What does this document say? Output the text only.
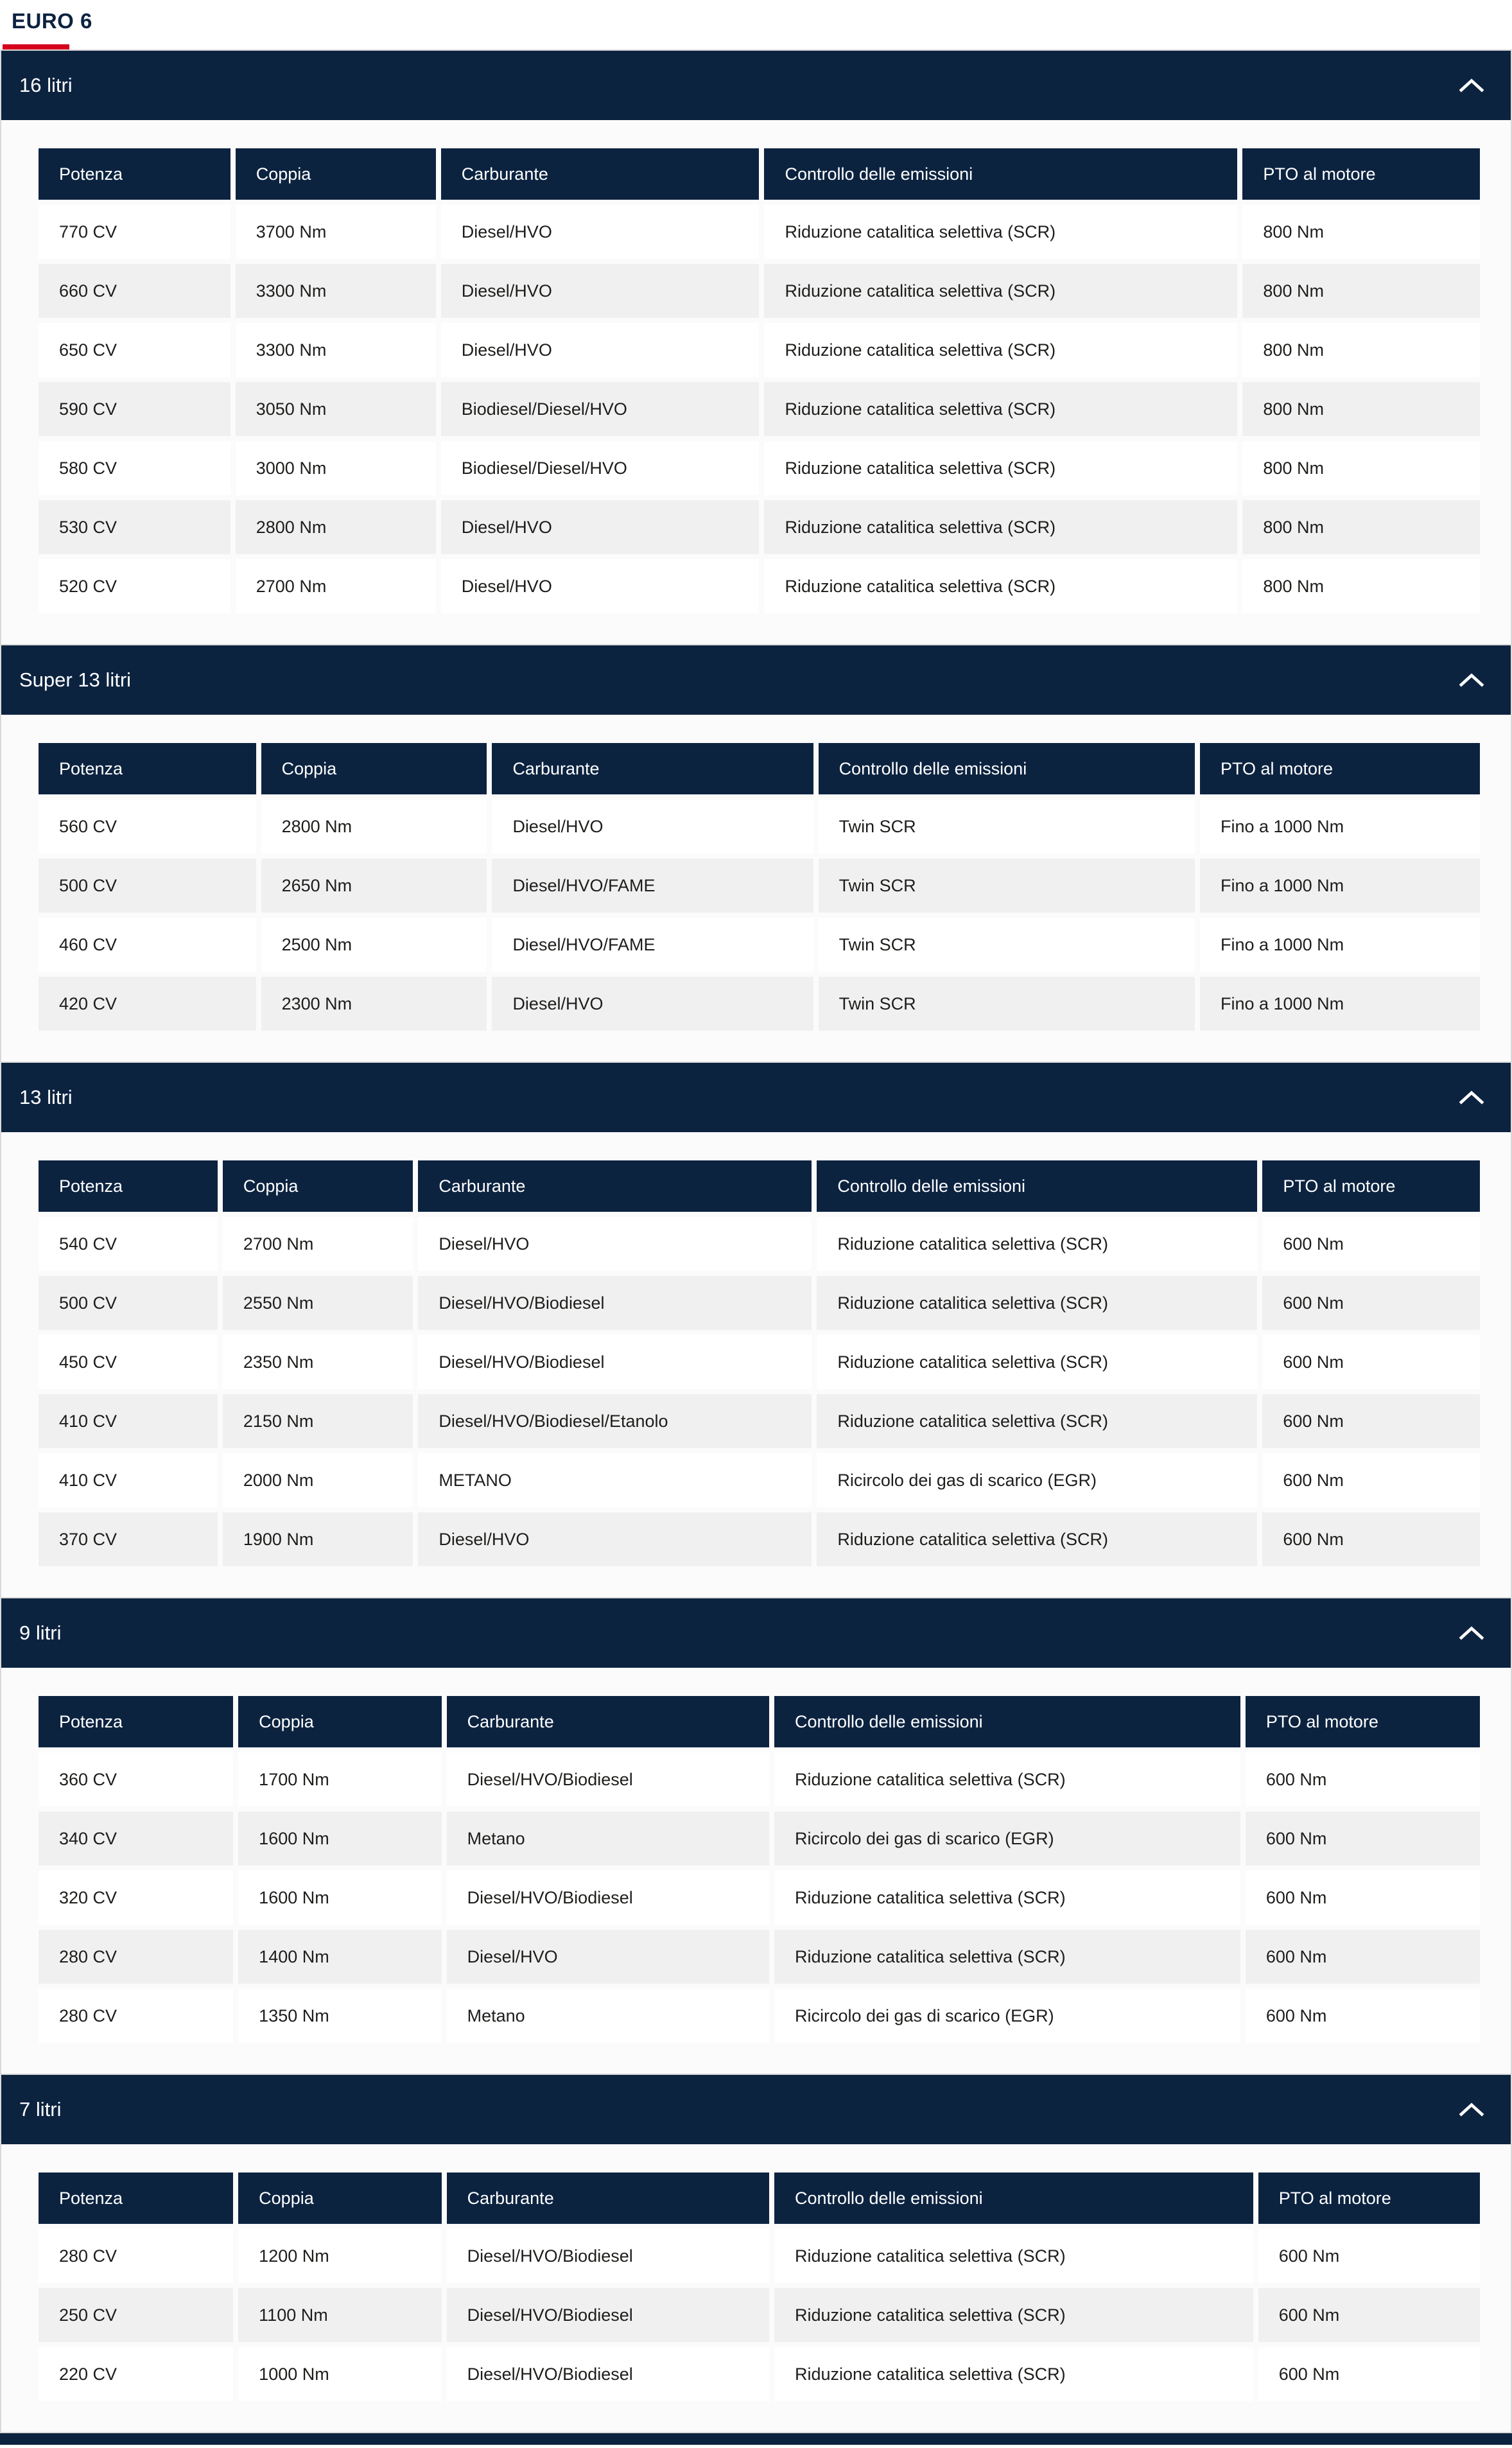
EURO 6
16 litri
Potenza	Coppia	Carburante	Controllo delle emissioni	PTO al motore
770 CV	3700 Nm	Diesel/HVO	Riduzione catalitica selettiva (SCR)	800 Nm
660 CV	3300 Nm	Diesel/HVO	Riduzione catalitica selettiva (SCR)	800 Nm
650 CV	3300 Nm	Diesel/HVO	Riduzione catalitica selettiva (SCR)	800 Nm
590 CV	3050 Nm	Biodiesel/Diesel/HVO	Riduzione catalitica selettiva (SCR)	800 Nm
580 CV	3000 Nm	Biodiesel/Diesel/HVO	Riduzione catalitica selettiva (SCR)	800 Nm
530 CV	2800 Nm	Diesel/HVO	Riduzione catalitica selettiva (SCR)	800 Nm
520 CV	2700 Nm	Diesel/HVO	Riduzione catalitica selettiva (SCR)	800 Nm
Super 13 litri
Potenza	Coppia	Carburante	Controllo delle emissioni	PTO al motore
560 CV	2800 Nm	Diesel/HVO	Twin SCR	Fino a 1000 Nm
500 CV	2650 Nm	Diesel/HVO/FAME	Twin SCR	Fino a 1000 Nm
460 CV	2500 Nm	Diesel/HVO/FAME	Twin SCR	Fino a 1000 Nm
420 CV	2300 Nm	Diesel/HVO	Twin SCR	Fino a 1000 Nm
13 litri
Potenza	Coppia	Carburante	Controllo delle emissioni	PTO al motore
540 CV	2700 Nm	Diesel/HVO	Riduzione catalitica selettiva (SCR)	600 Nm
500 CV	2550 Nm	Diesel/HVO/Biodiesel	Riduzione catalitica selettiva (SCR)	600 Nm
450 CV	2350 Nm	Diesel/HVO/Biodiesel	Riduzione catalitica selettiva (SCR)	600 Nm
410 CV	2150 Nm	Diesel/HVO/Biodiesel/Etanolo	Riduzione catalitica selettiva (SCR)	600 Nm
410 CV	2000 Nm	METANO	Ricircolo dei gas di scarico (EGR)	600 Nm
370 CV	1900 Nm	Diesel/HVO	Riduzione catalitica selettiva (SCR)	600 Nm
9 litri
Potenza	Coppia	Carburante	Controllo delle emissioni	PTO al motore
360 CV	1700 Nm	Diesel/HVO/Biodiesel	Riduzione catalitica selettiva (SCR)	600 Nm
340 CV	1600 Nm	Metano	Ricircolo dei gas di scarico (EGR)	600 Nm
320 CV	1600 Nm	Diesel/HVO/Biodiesel	Riduzione catalitica selettiva (SCR)	600 Nm
280 CV	1400 Nm	Diesel/HVO	Riduzione catalitica selettiva (SCR)	600 Nm
280 CV	1350 Nm	Metano	Ricircolo dei gas di scarico (EGR)	600 Nm
7 litri
Potenza	Coppia	Carburante	Controllo delle emissioni	PTO al motore
280 CV	1200 Nm	Diesel/HVO/Biodiesel	Riduzione catalitica selettiva (SCR)	600 Nm
250 CV	1100 Nm	Diesel/HVO/Biodiesel	Riduzione catalitica selettiva (SCR)	600 Nm
220 CV	1000 Nm	Diesel/HVO/Biodiesel	Riduzione catalitica selettiva (SCR)	600 Nm
